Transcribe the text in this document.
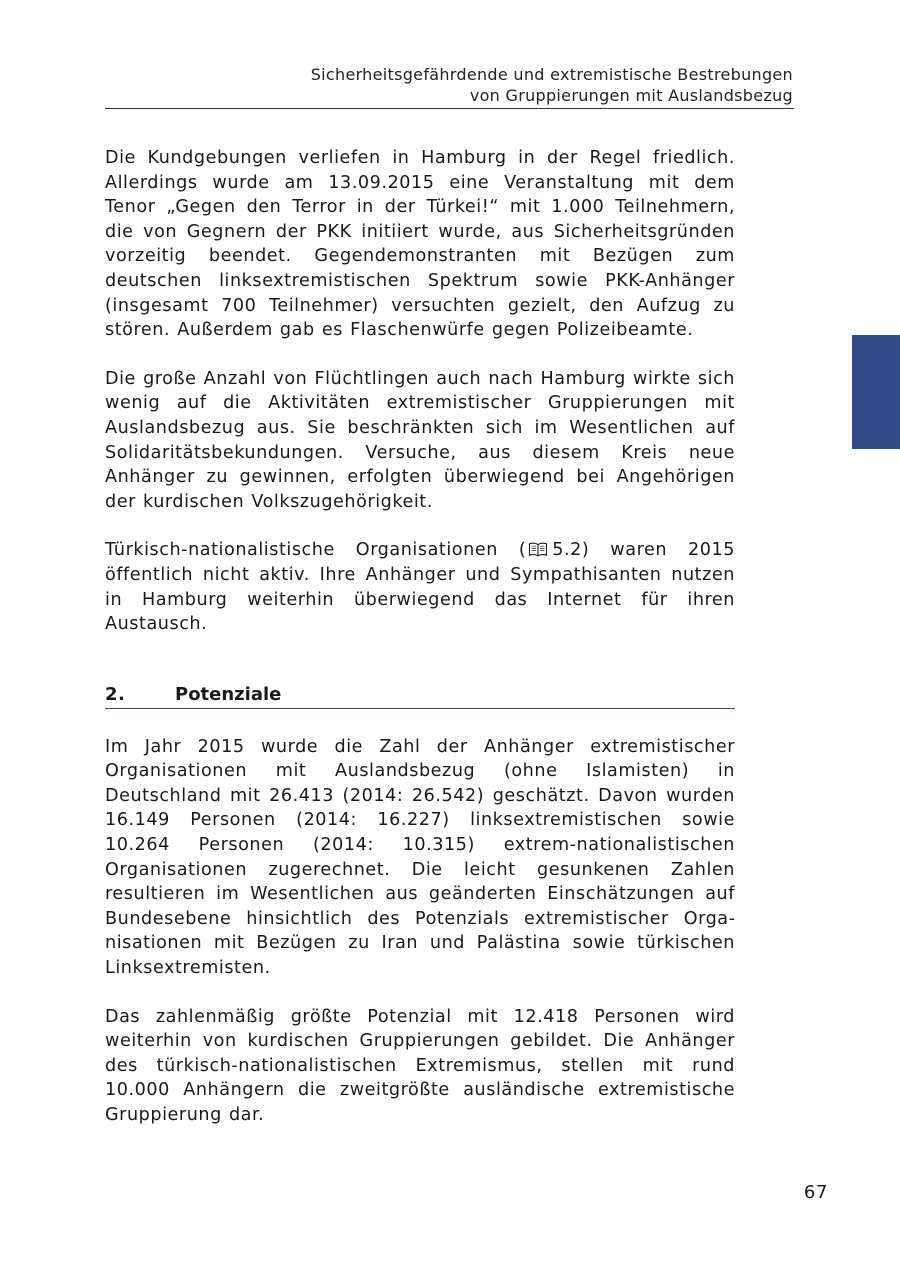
Sicherheitsgefährdende und extremistische Bestrebungen
von Gruppierungen mit Auslandsbezug

Die Kundgebungen verliefen in Hamburg in der Regel friedlich. Allerdings wurde am 13.09.2015 eine Veranstaltung mit dem Tenor „Gegen den Terror in der Türkei!“ mit 1.000 Teilnehmern, die von Gegnern der PKK initiiert wurde, aus Sicherheitsgründen vorzeitig beendet. Gegendemonstranten mit Bezügen zum deutschen linksextremistischen Spektrum sowie PKK-Anhänger (insgesamt 700 Teilnehmer) versuchten gezielt, den Aufzug zu stören. Außerdem gab es Flaschenwürfe gegen Polizeibeamte.

Die große Anzahl von Flüchtlingen auch nach Hamburg wirkte sich wenig auf die Aktivitäten extremistischer Gruppierungen mit Auslandsbezug aus. Sie beschränkten sich im Wesentlichen auf Solidaritätsbekundungen. Versuche, aus diesem Kreis neue Anhänger zu gewinnen, erfolgten überwiegend bei Angehörigen der kurdischen Volkszugehörigkeit.

Türkisch-nationalistische Organisationen ( 5.2) waren 2015 öffentlich nicht aktiv. Ihre Anhänger und Sympathisanten nutzen in Hamburg weiterhin überwiegend das Internet für ihren Austausch.

2.	Potenziale

Im Jahr 2015 wurde die Zahl der Anhänger extremistischer Organisationen mit Auslandsbezug (ohne Islamisten) in Deutschland mit 26.413 (2014: 26.542) geschätzt. Davon wurden 16.149 Personen (2014: 16.227) linksextremistischen sowie 10.264 Personen (2014: 10.315) extrem-nationalistischen Organisationen zugerechnet. Die leicht gesunkenen Zahlen resultieren im Wesentlichen aus geänderten Einschätzungen auf Bundesebene hinsichtlich des Potenzials extremistischer Organisationen mit Bezügen zu Iran und Palästina sowie türkischen Linksextremisten.

Das zahlenmäßig größte Potenzial mit 12.418 Personen wird weiterhin von kurdischen Gruppierungen gebildet. Die Anhänger des türkisch-nationalistischen Extremismus, stellen mit rund 10.000 Anhängern die zweitgrößte ausländische extremistische Gruppierung dar.

67
